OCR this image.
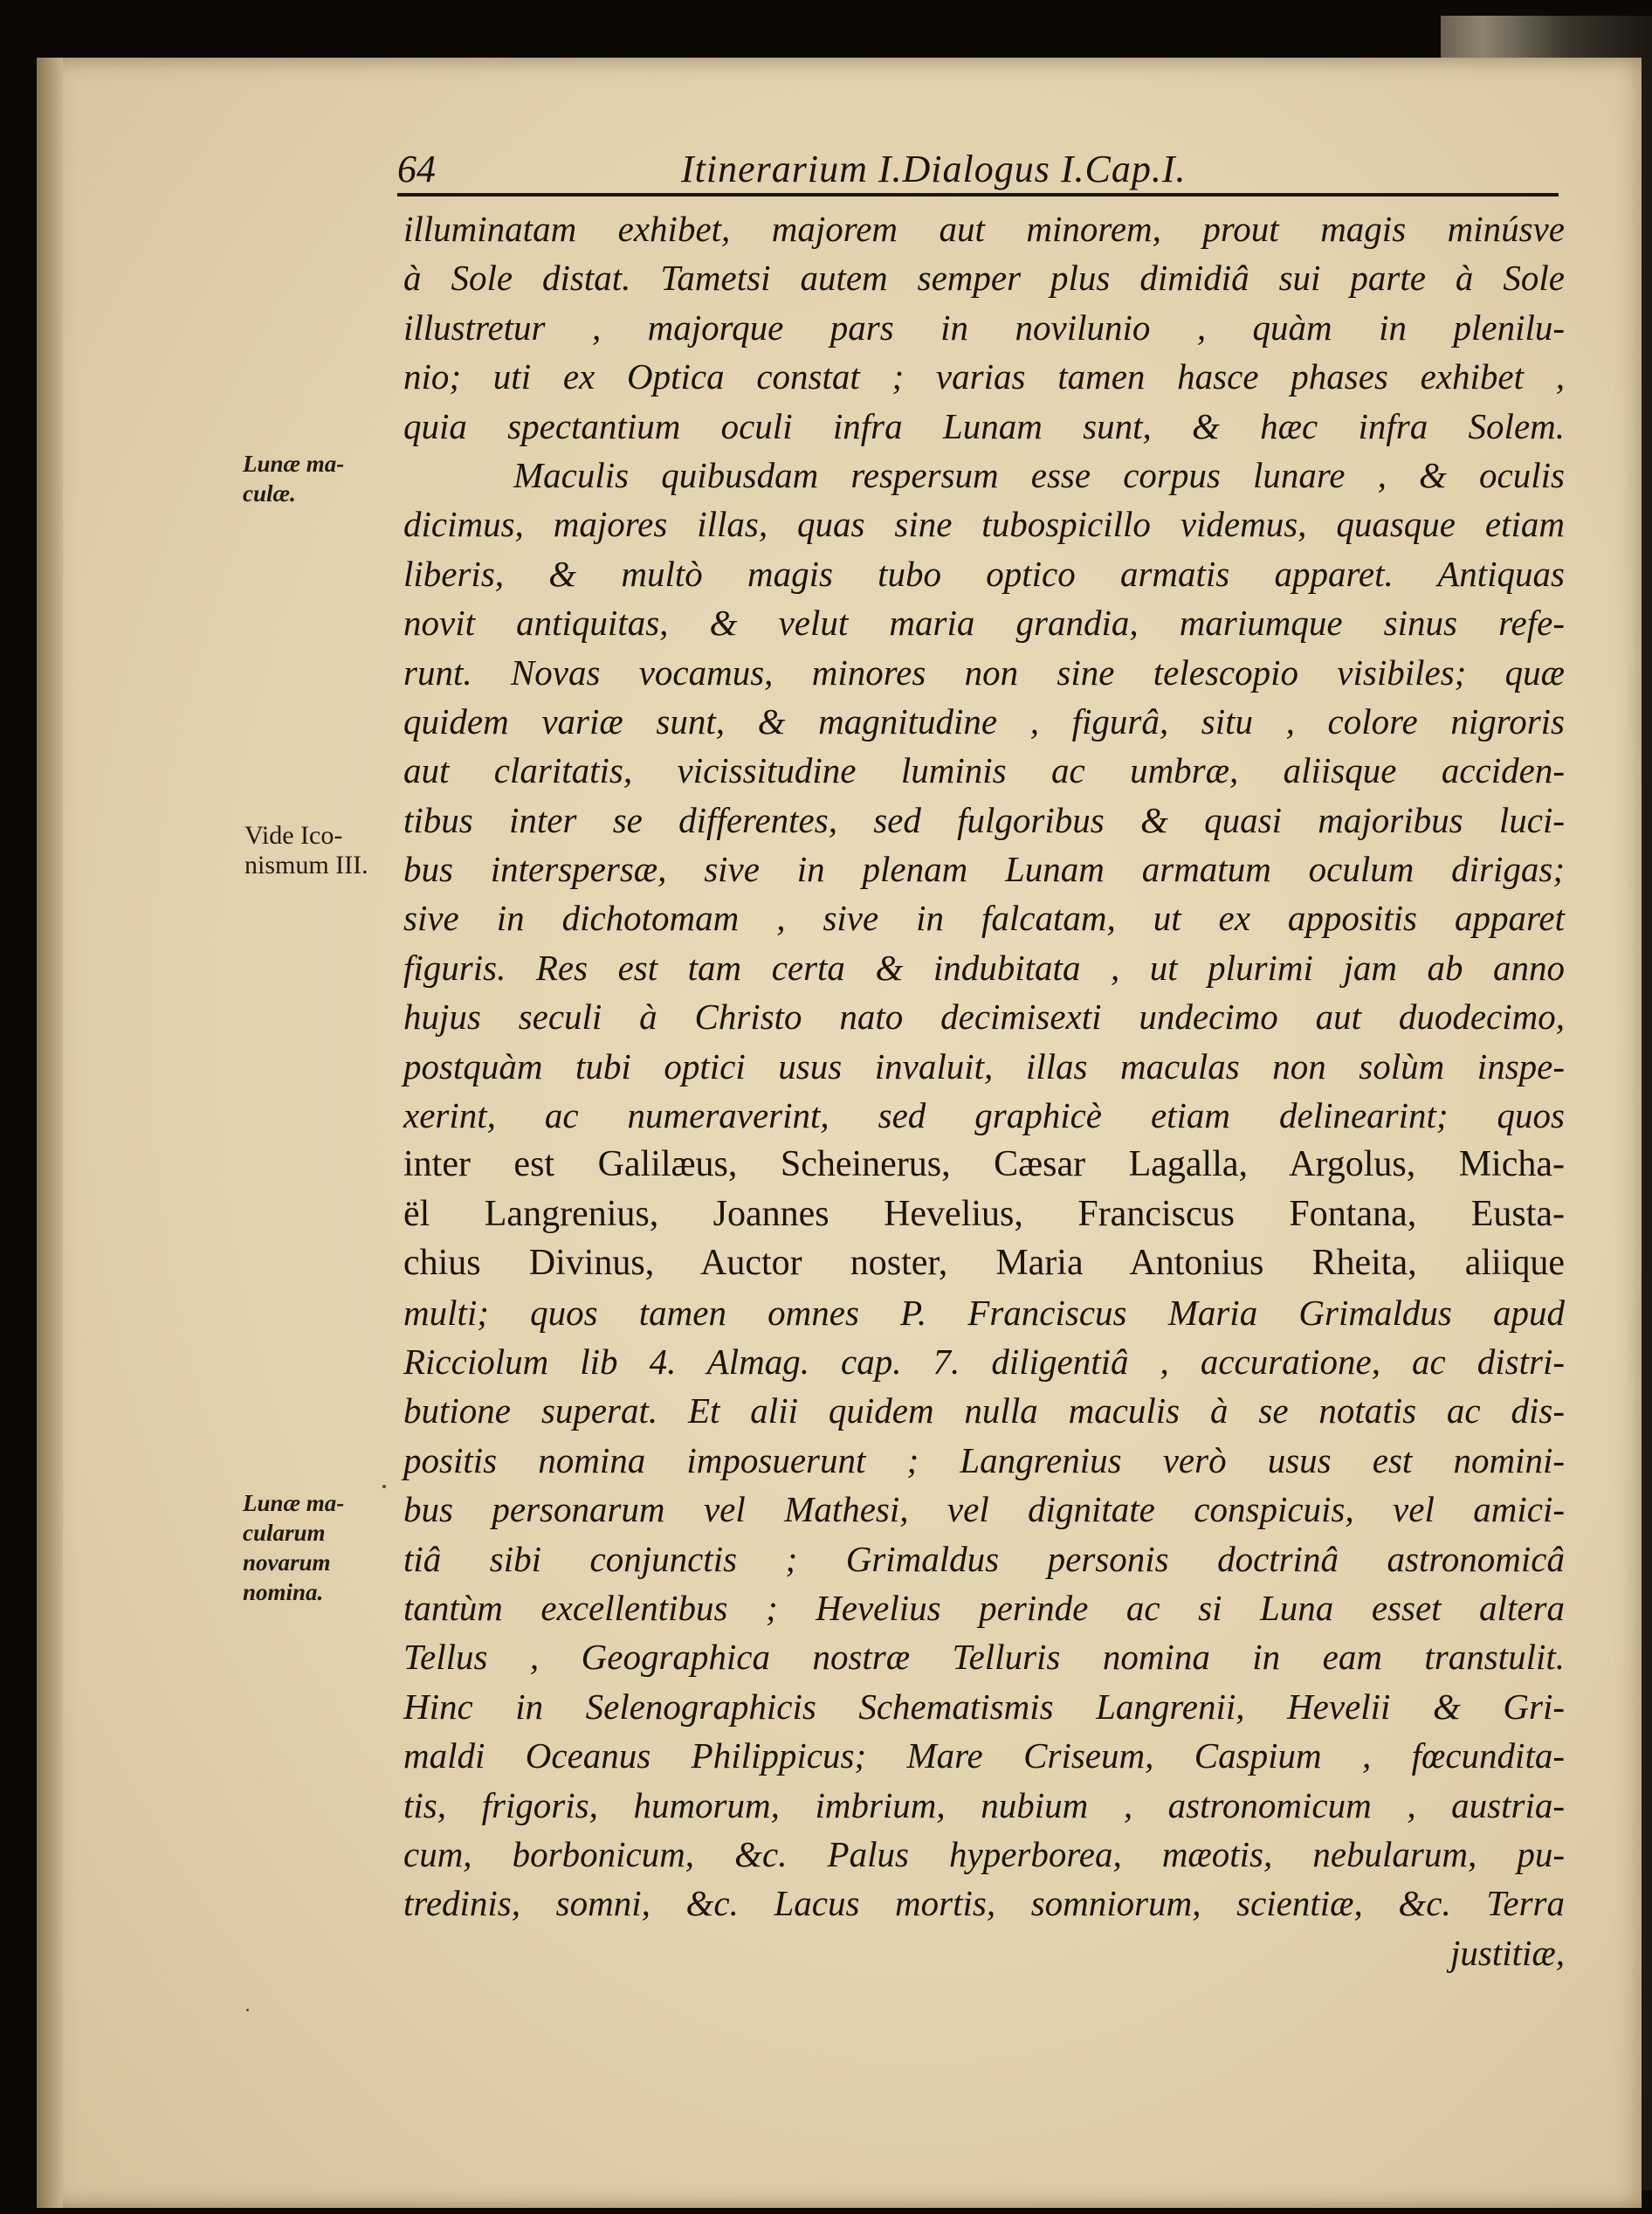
64	Itinerarium I.Dialogus I.Cap.I.
Lunæ ma-
culæ.
Vide Ico-
nismum III.
Lunæ ma-
cularum
novarum
nomina.
illuminatam exhibet, majorem aut minorem, prout magis minúsve
à Sole distat. Tametsi autem semper plus dimidiâ sui parte à Sole
illustretur , majorque pars in novilunio , quàm in plenilu-
nio; uti ex Optica constat ; varias tamen hasce phases exhibet ,
quia spectantium oculi infra Lunam sunt, & hæc infra Solem.
Maculis quibusdam respersum esse corpus lunare , & oculis
dicimus, majores illas, quas sine tubospicillo videmus, quasque etiam
liberis, & multò magis tubo optico armatis apparet. Antiquas
novit antiquitas, & velut maria grandia, mariumque sinus refe-
runt. Novas vocamus, minores non sine telescopio visibiles; quæ
quidem variæ sunt, & magnitudine , figurâ, situ , colore nigroris
aut claritatis, vicissitudine luminis ac umbræ, aliisque acciden-
tibus inter se differentes, sed fulgoribus & quasi majoribus luci-
bus interspersæ, sive in plenam Lunam armatum oculum dirigas;
sive in dichotomam , sive in falcatam, ut ex appositis apparet
figuris. Res est tam certa & indubitata , ut plurimi jam ab anno
hujus seculi à Christo nato decimisexti undecimo aut duodecimo,
postquàm tubi optici usus invaluit, illas maculas non solùm inspe-
xerint, ac numeraverint, sed graphicè etiam delinearint; quos
inter est Galilæus, Scheinerus, Cæsar Lagalla, Argolus, Micha-
ël Langrenius, Joannes Hevelius, Franciscus Fontana, Eusta-
chius Divinus, Auctor noster, Maria Antonius Rheita, aliique
multi; quos tamen omnes P. Franciscus Maria Grimaldus apud
Ricciolum lib 4. Almag. cap. 7. diligentiâ , accuratione, ac distri-
butione superat. Et alii quidem nulla maculis à se notatis ac dis-
positis nomina imposuerunt ; Langrenius verò usus est nomini-
bus personarum vel Mathesi, vel dignitate conspicuis, vel amici-
tiâ sibi conjunctis ; Grimaldus personis doctrinâ astronomicâ
tantùm excellentibus ; Hevelius perinde ac si Luna esset altera
Tellus , Geographica nostræ Telluris nomina in eam transtulit.
Hinc in Selenographicis Schematismis Langrenii, Hevelii & Gri-
maldi Oceanus Philippicus; Mare Criseum, Caspium , fœcundita-
tis, frigoris, humorum, imbrium, nubium , astronomicum , austria-
cum, borbonicum, &c. Palus hyperborea, mæotis, nebularum, pu-
tredinis, somni, &c. Lacus mortis, somniorum, scientiæ, &c. Terra
justitiæ,
